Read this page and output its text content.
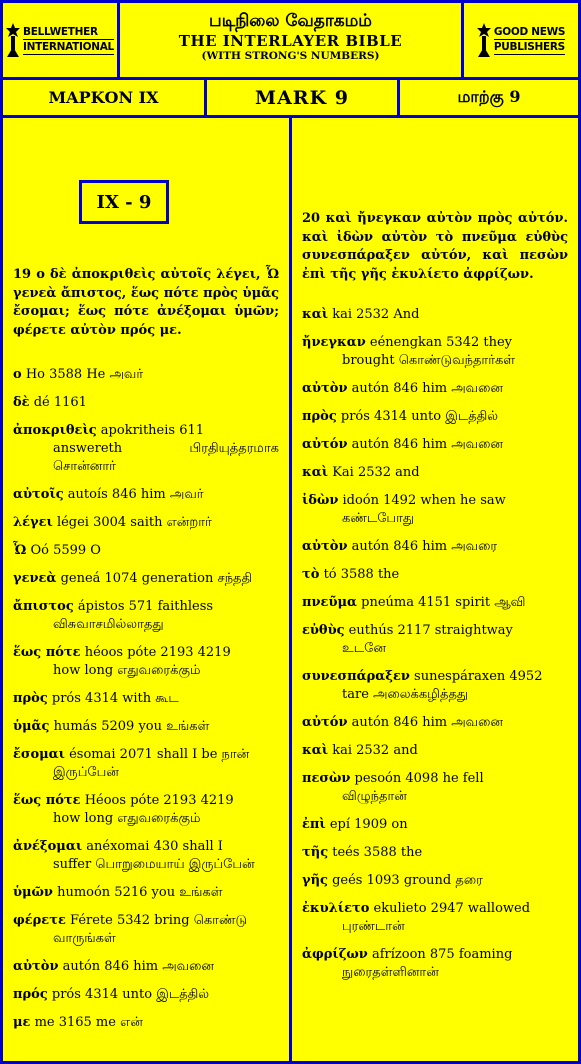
BELLWETHER
INTERNATIONAL
படிநிலை வேதாகமம்
THE INTERLAYER BIBLE
(WITH STRONG'S NUMBERS)
GOOD NEWS
PUBLISHERS
ΜΑΡΚΟΝ IX	MARK 9	மாற்கு 9
IX - 9
19 ο δὲ ἀποκριθεὶς αὐτοῖς λέγει, Ὦ γενεὰ ἄπιστος, ἕως πότε πρὸς ὑμᾶς ἔσομαι; ἕως πότε ἀνέξομαι ὑμῶν; φέρετε αὐτὸν πρός με.
ο Ho 3588 He அவர்
δὲ dé 1161
ἀποκριθεὶς apokritheis 611
answereth பிரதியுத்தரமாக சொன்னார்
αὐτοῖς autoís 846 him அவர்
λέγει légei 3004 saith என்றார்
Ὦ Oó 5599 O
γενεὰ geneá 1074 generation சந்ததி
ἄπιστος ápistos 571 faithless
விசுவாசமில்லாதது
ἕως πότε héoos póte 2193 4219
how long எதுவரைக்கும்
πρὸς prós 4314 with கூட
ὑμᾶς humás 5209 you உங்கள்
ἔσομαι ésomai 2071 shall I be நான்
இருப்பேன்
ἕως πότε Héoos póte 2193 4219
how long எதுவரைக்கும்
ἀνέξομαι anéxomai 430 shall I
suffer பொறுமையாய் இருப்பேன்
ὑμῶν humoón 5216 you உங்கள்
φέρετε Férete 5342 bring கொண்டு
வாருங்கள்
αὐτὸν autón 846 him அவனை
πρός prós 4314 unto இடத்தில்
με me 3165 me என்
20 καὶ ἤνεγκαν αὐτὸν πρὸς αὐτόν. καὶ ἰδὼν αὐτὸν τὸ πνεῦμα εὐθὺς συνεσπάραξεν αὐτόν, καὶ πεσὼν ἐπὶ τῆς γῆς ἐκυλίετο ἀφρίζων.
καὶ kai 2532 And
ἤνεγκαν eénengkan 5342 they
brought கொண்டுவந்தார்கள்
αὐτὸν autón 846 him அவனை
πρὸς prós 4314 unto இடத்தில்
αὐτόν autón 846 him அவனை
καὶ Kai 2532 and
ἰδὼν idoón 1492 when he saw
கண்டபோது
αὐτὸν autón 846 him அவரை
τὸ tó 3588 the
πνεῦμα pneúma 4151 spirit ஆவி
εὐθὺς euthús 2117 straightway
உடனே
συνεσπάραξεν sunespáraxen 4952
tare அலைக்கழித்தது
αὐτόν autón 846 him அவனை
καὶ kai 2532 and
πεσὼν pesoón 4098 he fell
விழுந்தான்
ἐπὶ epí 1909 on
τῆς teés 3588 the
γῆς geés 1093 ground தரை
ἐκυλίετο ekulieto 2947 wallowed
புரண்டான்
ἀφρίζων afrízoon 875 foaming
நுரைதள்ளினான்
